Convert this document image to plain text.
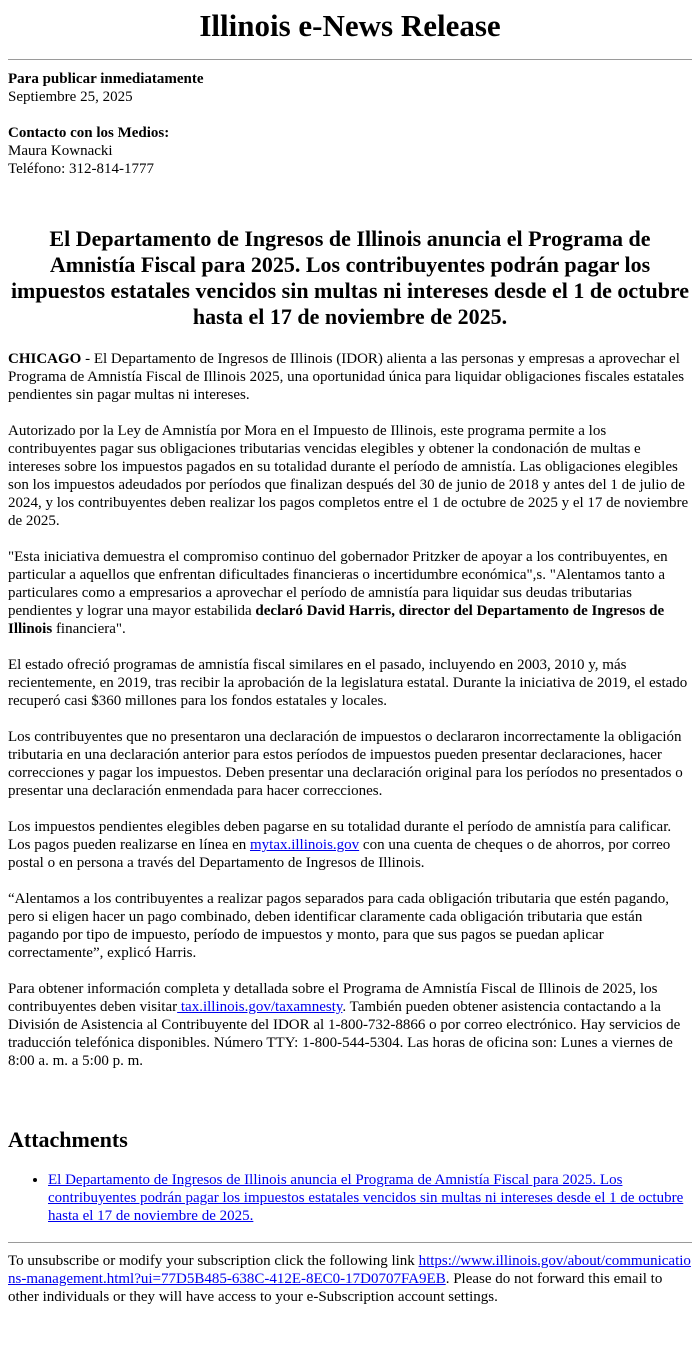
Illinois e-News Release
Para publicar inmediatamente
Septiembre 25, 2025
Contacto con los Medios:
Maura Kownacki
Teléfono: 312-814-1777
El Departamento de Ingresos de Illinois anuncia el Programa de Amnistía Fiscal para 2025. Los contribuyentes podrán pagar los impuestos estatales vencidos sin multas ni intereses desde el 1 de octubre hasta el 17 de noviembre de 2025.

CHICAGO - El Departamento de Ingresos de Illinois (IDOR) alienta a las personas y empresas a aprovechar el Programa de Amnistía Fiscal de Illinois 2025, una oportunidad única para liquidar obligaciones fiscales estatales pendientes sin pagar multas ni intereses.

Autorizado por la Ley de Amnistía por Mora en el Impuesto de Illinois, este programa permite a los contribuyentes pagar sus obligaciones tributarias vencidas elegibles y obtener la condonación de multas e intereses sobre los impuestos pagados en su totalidad durante el período de amnistía. Las obligaciones elegibles son los impuestos adeudados por períodos que finalizan después del 30 de junio de 2018 y antes del 1 de julio de 2024, y los contribuyentes deben realizar los pagos completos entre el 1 de octubre de 2025 y el 17 de noviembre de 2025.

"Esta iniciativa demuestra el compromiso continuo del gobernador Pritzker de apoyar a los contribuyentes, en particular a aquellos que enfrentan dificultades financieras o incertidumbre económica",s. "Alentamos tanto a particulares como a empresarios a aprovechar el período de amnistía para liquidar sus deudas tributarias pendientes y lograr una mayor estabilida declaró David Harris, director del Departamento de Ingresos de Illinois financiera".

El estado ofreció programas de amnistía fiscal similares en el pasado, incluyendo en 2003, 2010 y, más recientemente, en 2019, tras recibir la aprobación de la legislatura estatal. Durante la iniciativa de 2019, el estado recuperó casi $360 millones para los fondos estatales y locales.

Los contribuyentes que no presentaron una declaración de impuestos o declararon incorrectamente la obligación tributaria en una declaración anterior para estos períodos de impuestos pueden presentar declaraciones, hacer correcciones y pagar los impuestos. Deben presentar una declaración original para los períodos no presentados o presentar una declaración enmendada para hacer correcciones.

Los impuestos pendientes elegibles deben pagarse en su totalidad durante el período de amnistía para calificar. Los pagos pueden realizarse en línea en mytax.illinois.gov con una cuenta de cheques o de ahorros, por correo postal o en persona a través del Departamento de Ingresos de Illinois.

“Alentamos a los contribuyentes a realizar pagos separados para cada obligación tributaria que estén pagando, pero si eligen hacer un pago combinado, deben identificar claramente cada obligación tributaria que están pagando por tipo de impuesto, período de impuestos y monto, para que sus pagos se puedan aplicar correctamente”, explicó Harris.

Para obtener información completa y detallada sobre el Programa de Amnistía Fiscal de Illinois de 2025, los contribuyentes deben visitar tax.illinois.gov/taxamnesty. También pueden obtener asistencia contactando a la División de Asistencia al Contribuyente del IDOR al 1-800-732-8866 o por correo electrónico. Hay servicios de traducción telefónica disponibles. Número TTY: 1-800-544-5304. Las horas de oficina son: Lunes a viernes de 8:00 a. m. a 5:00 p. m.

Attachments
• El Departamento de Ingresos de Illinois anuncia el Programa de Amnistía Fiscal para 2025. Los contribuyentes podrán pagar los impuestos estatales vencidos sin multas ni intereses desde el 1 de octubre hasta el 17 de noviembre de 2025.
To unsubscribe or modify your subscription click the following link https://www.illinois.gov/about/communications-management.html?ui=77D5B485-638C-412E-8EC0-17D0707FA9EB. Please do not forward this email to other individuals or they will have access to your e-Subscription account settings.
